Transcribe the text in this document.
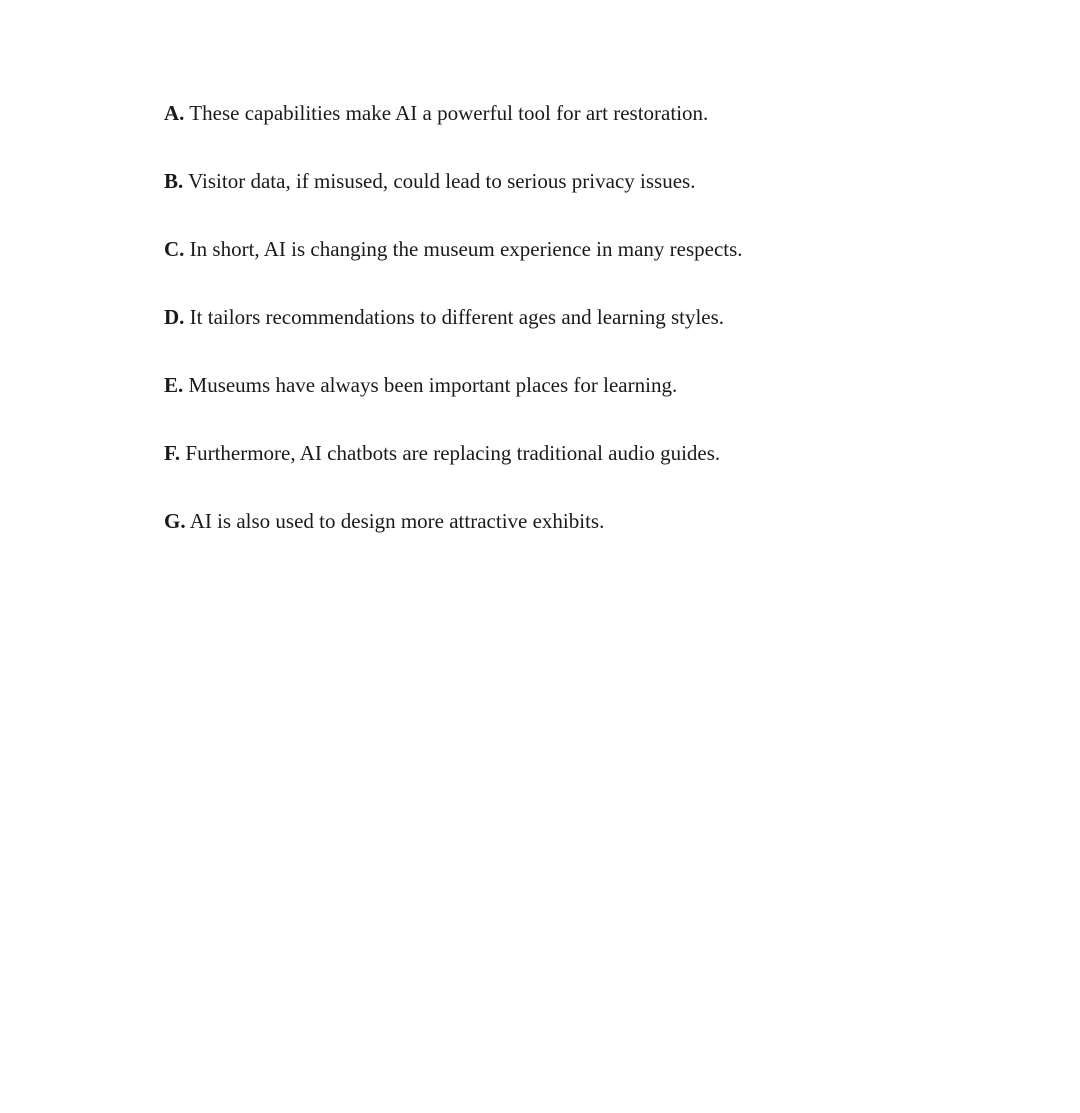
A. These capabilities make AI a powerful tool for art restoration.
B. Visitor data, if misused, could lead to serious privacy issues.
C. In short, AI is changing the museum experience in many respects.
D. It tailors recommendations to different ages and learning styles.
E. Museums have always been important places for learning.
F. Furthermore, AI chatbots are replacing traditional audio guides.
G. AI is also used to design more attractive exhibits.
